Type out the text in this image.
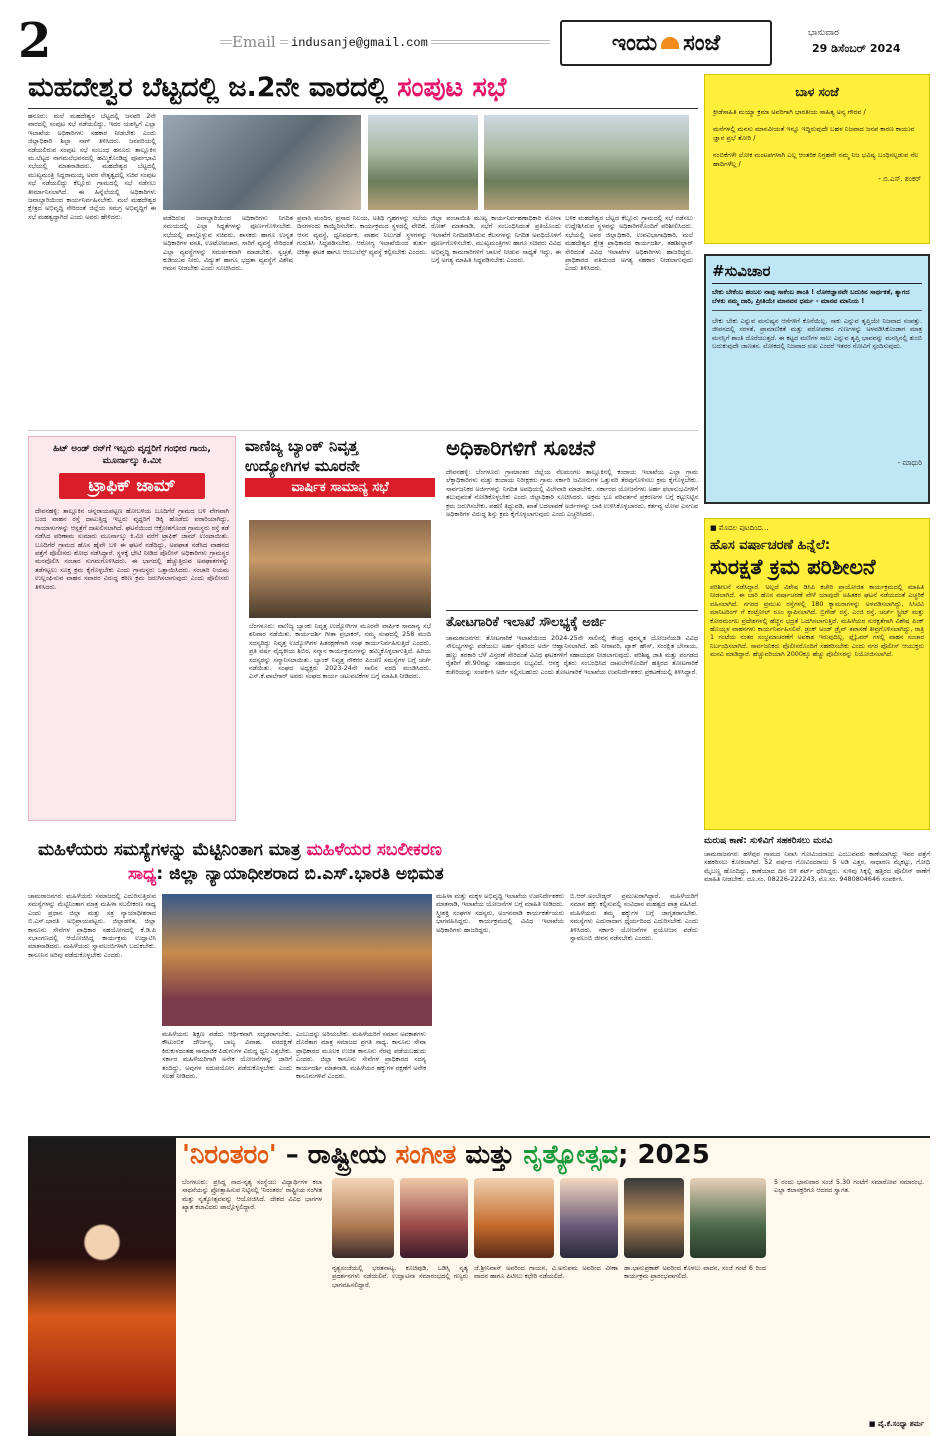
2	Email	indusanje@gmail.com	ಇಂದು ಸಂಜೆ	ಭಾನುವಾರ
29 ಡಿಸೆಂಬರ್ 2024
ಮಹದೇಶ್ವರ ಬೆಟ್ಟದಲ್ಲಿ ಜ.2ನೇ ವಾರದಲ್ಲಿ ಸಂಪುಟ ಸಭೆ
ಹನೂರು: ಮಲೆ ಮಹದೇಶ್ವರ ಬೆಟ್ಟದಲ್ಲಿ ಜನವರಿ 2ನೇ ವಾರದಲ್ಲಿ ಸಂಪುಟ ಸಭೆ ನಡೆಯಲಿದ್ದು, ಇದರ ಯಶಸ್ವಿಗೆ ಎಲ್ಲಾ ಇಲಾಖೆಯ ಅಧಿಕಾರಿಗಳು ಸಹಕಾರ ನೀಡಬೇಕು ಎಂದು ಜಿಲ್ಲಾಧಿಕಾರಿ ಶಿಲ್ಪಾ ನಾಗ್ ತಿಳಿಸಿದರು. ಜನವರಿಯಲ್ಲಿ ನಡೆಯಲಿರುವ ಸಂಪುಟ ಸಭೆ ಸಂಬಂಧ ಹನೂರು ತಾಲ್ಲೂಕಿನ ಮ.ಬೆಟ್ಟದ ನಾಗಮಲೆಭವನದಲ್ಲಿ ಹಮ್ಮಿಕೊಂಡಿದ್ದ ಪೂರ್ವಭಾವಿ ಸಭೆಯಲ್ಲಿ ಮಾತನಾಡಿದರು. ಮಹದೇಶ್ವರ ಬೆಟ್ಟದಲ್ಲಿ ಮುಖ್ಯಮಂತ್ರಿ ಸಿದ್ದರಾಮಯ್ಯ ಅವರ ನೇತೃತ್ವದಲ್ಲಿ ಸಚಿವ ಸಂಪುಟ ಸಭೆ ನಡೆಯಲಿದ್ದು ಕೆಲ್ಲೂರು ಗ್ರಾಮದಲ್ಲಿ ಸಭೆ ನಡೆಸಲು ತೀರ್ಮಾನಿಸಲಾಗಿದೆ. ಈ ಹಿನ್ನೆಲೆಯಲ್ಲಿ ಅಧಿಕಾರಿಗಳು ಜವಾಬ್ದಾರಿಯಿಂದ ಕಾರ್ಯನಿರ್ವಹಿಸಬೇಕು. ಮಲೆ ಮಹದೇಶ್ವರ ಕ್ಷೇತ್ರದ ಅಭಿವೃದ್ಧಿ ಸೇರಿದಂತೆ ಜಿಲ್ಲೆಯ ಸಮಗ್ರ ಅಭಿವೃದ್ಧಿಗೆ ಈ ಸಭೆ ಮಹತ್ವದ್ದಾಗಿದೆ ಎಂದು ಅವರು ಹೇಳಿದರು.	ಪಡೆದಿರುವ ಜವಾಬ್ದಾರಿಯಿಂದ ಅಧಿಕಾರಿಗಳು ನಿಗದಿತ ಸಮಯದಲ್ಲಿ ಎಲ್ಲಾ ಸಿದ್ಧತೆಗಳನ್ನು ಪೂರ್ಣಗೊಳಿಸಬೇಕು. ಸಭೆಯಲ್ಲಿ ಪಾಲ್ಗೊಳ್ಳುವ ಸಚಿವರು, ಶಾಸಕರು ಹಾಗೂ ಉನ್ನತ ಅಧಿಕಾರಿಗಳ ವಸತಿ, ಊಟೋಪಚಾರ, ಸಾರಿಗೆ ವ್ಯವಸ್ಥೆ ಸೇರಿದಂತೆ ಎಲ್ಲಾ ವ್ಯವಸ್ಥೆಗಳನ್ನು ಸಮರ್ಪಕವಾಗಿ ಮಾಡಬೇಕು. ಸ್ವಚ್ಛತೆ, ಕುಡಿಯುವ ನೀರು, ವಿದ್ಯುತ್ ಹಾಗೂ ಭದ್ರತಾ ವ್ಯವಸ್ಥೆಗೆ ವಿಶೇಷ ಗಮನ ನೀಡಬೇಕು ಎಂದು ಸೂಚಿಸಿದರು.
ಪ್ರವಾಸಿ ಮಂದಿರ, ಪ್ರಸಾದ ನಿಲಯ, ಅತಿಥಿ ಗೃಹಗಳನ್ನು ಸಭೆಯ ದಿನಗಳಂದು ಕಾಯ್ದಿರಿಸಬೇಕು. ಕಾರ್ಯಕ್ರಮದ ಸ್ಥಳದಲ್ಲಿ ವೇದಿಕೆ, ಆಸನ ವ್ಯವಸ್ಥೆ, ಧ್ವನಿವರ್ಧಕ, ವಾಹನ ನಿಲುಗಡೆ ಸ್ಥಳಗಳನ್ನು ಗುರುತಿಸಿ ಸಿದ್ಧಪಡಿಸಬೇಕು. ಆರೋಗ್ಯ ಇಲಾಖೆಯಿಂದ ತುರ್ತು ಚಿಕಿತ್ಸಾ ಘಟಕ ಹಾಗೂ ಆಂಬುಲೆನ್ಸ್ ವ್ಯವಸ್ಥೆ ಕಲ್ಪಿಸಬೇಕು ಎಂದರು.
ಜಿಲ್ಲಾ ಪಂಚಾಯಿತಿ ಮುಖ್ಯ ಕಾರ್ಯನಿರ್ವಹಣಾಧಿಕಾರಿ ಮೋನಾ ರೋತ್ ಮಾತನಾಡಿ, ಸಭೆಗೆ ಸಂಬಂಧಿಸಿದಂತೆ ಪ್ರತಿಯೊಂದು ಇಲಾಖೆಗೆ ನಿಗದಿಪಡಿಸಿರುವ ಕೆಲಸಗಳನ್ನು ನಿಗದಿತ ಅವಧಿಯೊಳಗೆ ಪೂರ್ಣಗೊಳಿಸಬೇಕು. ಮುಖ್ಯಮಂತ್ರಿಗಳು ಹಾಗೂ ಸಚಿವರು ವಿವಿಧ ಅಭಿವೃದ್ಧಿ ಕಾಮಗಾರಿಗಳಿಗೆ ಚಾಲನೆ ನೀಡುವ ಸಾಧ್ಯತೆ ಇದ್ದು, ಈ ಬಗ್ಗೆ ಅಗತ್ಯ ಮಾಹಿತಿ ಸಿದ್ಧಪಡಿಸಬೇಕು ಎಂದರು.
ಬಳಿಕ ಮಹದೇಶ್ವರ ಬೆಟ್ಟದ ಕೆಲ್ಲೂರು ಗ್ರಾಮದಲ್ಲಿ ಸಭೆ ನಡೆಸಲು ಉದ್ದೇಶಿಸಿರುವ ಸ್ಥಳವನ್ನು ಅಧಿಕಾರಿಗಳೊಂದಿಗೆ ಪರಿಶೀಲಿಸಿದರು. ಸಭೆಯಲ್ಲಿ ಅಪರ ಜಿಲ್ಲಾಧಿಕಾರಿ, ಉಪವಿಭಾಗಾಧಿಕಾರಿ, ಮಲೆ ಮಹದೇಶ್ವರ ಕ್ಷೇತ್ರ ಪ್ರಾಧಿಕಾರದ ಕಾರ್ಯದರ್ಶಿ, ತಹಶೀಲ್ದಾರ್ ಸೇರಿದಂತೆ ವಿವಿಧ ಇಲಾಖೆಗಳ ಅಧಿಕಾರಿಗಳು ಹಾಜರಿದ್ದರು. ಪ್ರಾಧಿಕಾರದ ವತಿಯಿಂದ ಅಗತ್ಯ ಸಹಕಾರ ನೀಡಲಾಗುವುದು ಎಂದು ತಿಳಿಸಿದರು.
ಬಾಳ ಸಂಜೆ
ಕ್ರೀಡೆಸಾಹಿತಿ ಮಯ್ಯಾ ಕ್ರಮಾ ಅವರಿಗಾಗಿ ಭಾರತೀಯ ಸಾಹಿತ್ಯ ಅನ್ಯ ಗೌರವ /
ಮನೆಗಳಲ್ಲಿ ಮನಸು ಮಾನವೀಯತೆ ಇನ್ನೂ ಇದ್ದಿರುವುದೇ ಬಹಳ ನಿಜವಾದ ಜನಪ ಕಾರಣ ಕಾಯುವ ಜ್ಞಾನ ಪ್ರಭೆ ತೋರಿ /
ನಂಬಿಕೆಗಳೇ ಲೋಕ ಮಂಟಪಗಳಾಗಿ ಎಲ್ಲ ಆಂತರಿಕ ನಿಗ್ರಹವೇ ನಮ್ಮ ನಿಜ ಭವಿಷ್ಯ ಬಂಧಿಸಲ್ಪಡುವ ನೆಲ ಹಾದಿಗಳೆಲ್ಲ /
- ಬಿ.ಎಸ್. ಶಂಕರ್
#ಸುವಿಚಾರ
ಬೇಕು ಬೇಕೆಂಬ ಹಂಬಲ ನಾವು ಸಾಕೆಂಬ ಶಾಂತಿ ! ಲೋಕಜ್ಞಾನವೇ ಬದುಕಿನ ಸಾರ್ಥಕತೆ, ತ್ಯಾಗದ ಬೆಳಕು ನಮ್ಮ ದಾರಿ, ಪ್ರೀತಿಯೇ ಮಾನವನ ಧರ್ಮ - ಮಾನವ ಮಾನಿಯ !
ಬೇಕು ಬೇಕು ಎನ್ನುವ ಮನುಷ್ಯನ ಆಸೆಗಳಿಗೆ ಕೊನೆಯಿಲ್ಲ. ಸಾಕು ಎನ್ನುವ ತೃಪ್ತಿಯೇ ನಿಜವಾದ ಸಂಪತ್ತು. ಜೀವನದಲ್ಲಿ ಸರಳತೆ, ಪ್ರಾಮಾಣಿಕತೆ ಮತ್ತು ಪರೋಪಕಾರ ಗುಣಗಳನ್ನು ಅಳವಡಿಸಿಕೊಂಡಾಗ ಮಾತ್ರ ಮನಸ್ಸಿಗೆ ಶಾಂತಿ ದೊರೆಯುತ್ತದೆ. ಈ ಕಟ್ಟದ ಮಣಿಗಳ ಸಾಲು ಎನ್ನುವ ತೃಪ್ತಿ ಭಾವವನ್ನು ಮನಸ್ಸಿನಲ್ಲಿ ತುಂಬಿ ಬದುಕುವುದೇ ಜಾಣತನ. ಲೋಕದಲ್ಲಿ ನಿಜವಾದ ಸುಖ ಎಂದರೆ ಇತರರ ನೋವಿಗೆ ಸ್ಪಂದಿಸುವುದು.
- ಮಾಧುರಿ
ಹಿಟ್ ಅಂಡ್ ರನ್‌ಗೆ ಇಬ್ಬರು ವೃದ್ದರಿಗೆ ಗಂಭೀರ ಗಾಯ, ಮೂರ್ನಾಲ್ಕು ಕಿ.ಮೀ
ಟ್ರಾಫಿಕ್ ಜಾಮ್
ದೇವನಹಳ್ಳಿ: ತಾಲ್ಲೂಕಿನ ಚನ್ನರಾಯಪಟ್ಟಣ ಹೋಬಳಿಯ ಬೂದಿಗೆರೆ ಗ್ರಾಮದ ಬಳಿ ವೇಗವಾಗಿ ಬಂದ ವಾಹನ ರಸ್ತೆ ದಾಟುತ್ತಿದ್ದ ಇಬ್ಬರು ವೃದ್ದರಿಗೆ ಡಿಕ್ಕಿ ಹೊಡೆದು ಪರಾರಿಯಾಗಿದ್ದು, ಗಾಯಾಳುಗಳನ್ನು ಆಸ್ಪತ್ರೆಗೆ ದಾಖಲಿಸಲಾಗಿದೆ. ಘಟನೆಯಿಂದ ಆಕ್ರೋಶಗೊಂಡ ಗ್ರಾಮಸ್ಥರು ರಸ್ತೆ ತಡೆ ನಡೆಸಿದ ಪರಿಣಾಮ ಸುಮಾರು ಮೂರ್ನಾಲ್ಕು ಕಿ.ಮೀ ವರೆಗೆ ಟ್ರಾಫಿಕ್ ಜಾಮ್ ಉಂಟಾಯಿತು. ಬೂದಿಗೆರೆ ಗ್ರಾಮದ ಹೊಸ ಹೈವೇ ಬಳಿ ಈ ಘಟನೆ ನಡೆದಿದ್ದು, ಅಪಘಾತ ನಡೆಸಿದ ವಾಹನದ ಪತ್ತೆಗೆ ಪೊಲೀಸರು ಶೋಧ ನಡೆಸಿದ್ದಾರೆ. ಸ್ಥಳಕ್ಕೆ ಭೇಟಿ ನೀಡಿದ ಪೊಲೀಸ್ ಅಧಿಕಾರಿಗಳು ಗ್ರಾಮಸ್ಥರ ಮನವೊಲಿಸಿ ಸಂಚಾರ ಸುಗಮಗೊಳಿಸಿದರು. ಈ ಭಾಗದಲ್ಲಿ ಹೆಚ್ಚುತ್ತಿರುವ ಅಪಘಾತಗಳನ್ನು ತಡೆಗಟ್ಟಲು ಸೂಕ್ತ ಕ್ರಮ ಕೈಗೊಳ್ಳಬೇಕು ಎಂದು ಗ್ರಾಮಸ್ಥರು ಒತ್ತಾಯಿಸಿದರು. ಸಂಚಾರಿ ನಿಯಮ ಉಲ್ಲಂಘಿಸುವ ವಾಹನ ಸವಾರರ ವಿರುದ್ಧ ಕಠಿಣ ಕ್ರಮ ಜರುಗಿಸಲಾಗುವುದು ಎಂದು ಪೊಲೀಸರು ತಿಳಿಸಿದರು.
ವಾಣಿಜ್ಯ ಬ್ಯಾಂಕ್ ನಿವೃತ್ತ
ಉದ್ಯೋಗಿಗಳ ಮೂರನೇ
ವಾರ್ಷಿಕ ಸಾಮಾನ್ಯ ಸಭೆ
ಬೆಂಗಳೂರು: ವಾಣಿಜ್ಯ ಬ್ಯಾಂಕು ನಿವೃತ್ತ ಉದ್ಯೋಗಿಗಳ ಮೂರನೇ ವಾರ್ಷಿಕ ಸಾಮಾನ್ಯ ಸಭೆ ಶನಿವಾರ ನಡೆಯಿತು. ಕಾರ್ಯದರ್ಶಿ ಗೀತಾ ಪ್ರಭಾಕರ್, ನಮ್ಮ ಸಂಘದಲ್ಲಿ 258 ಮಂದಿ ಸದಸ್ಯರಿದ್ದು ನಿವೃತ್ತ ಉದ್ಯೋಗಿಗಳ ಹಿತರಕ್ಷಣೆಗಾಗಿ ಸಂಘ ಕಾರ್ಯನಿರ್ವಹಿಸುತ್ತಿದೆ ಎಂದರು. ಪ್ರತಿ ವರ್ಷ ವೈದ್ಯಕೀಯ ಶಿಬಿರ, ಸನ್ಮಾನ ಕಾರ್ಯಕ್ರಮಗಳನ್ನು ಹಮ್ಮಿಕೊಳ್ಳಲಾಗುತ್ತಿದೆ. ಹಿರಿಯ ಸದಸ್ಯರನ್ನು ಸನ್ಮಾನಿಸಲಾಯಿತು. ಬ್ಯಾಂಕ್ ನಿವೃತ್ತ ನೌಕರರ ಪಿಂಚಣಿ ಸಮಸ್ಯೆಗಳ ಬಗ್ಗೆ ಚರ್ಚೆ ನಡೆಯಿತು. ಸಂಘದ ಅಧ್ಯಕ್ಷರು 2023-24ನೇ ಸಾಲಿನ ವರದಿ ಮಂಡಿಸಿದರು. ಎಸ್.ಕೆ.ವಾಲೆಗಾರ್ ಅವರು ಸಂಘದ ಕಾರ್ಯ ಚಟುವಟಿಕೆಗಳ ಬಗ್ಗೆ ಮಾಹಿತಿ ನೀಡಿದರು.
ಅಧಿಕಾರಿಗಳಿಗೆ ಸೂಚನೆ
ದೇವನಹಳ್ಳಿ: ಬೆಂಗಳೂರು ಗ್ರಾಮಾಂತರ ಜಿಲ್ಲೆಯ ನೆಲಮಂಗಲ ತಾಲ್ಲೂಕಿನಲ್ಲಿ ಕಂದಾಯ ಇಲಾಖೆಯ ಎಲ್ಲಾ ಗ್ರಾಮ ಲೆಕ್ಕಾಧಿಕಾರಿಗಳು ಮತ್ತು ಕಂದಾಯ ನಿರೀಕ್ಷಕರು ಗ್ರಾಮ ಸರ್ಕಾರಿ ಜಮೀನುಗಳ ಒತ್ತುವರಿ ತೆರವುಗೊಳಿಸಲು ಕ್ರಮ ಕೈಗೊಳ್ಳಬೇಕು. ಸಾರ್ವಜನಿಕರ ಅರ್ಜಿಗಳನ್ನು ನಿಗದಿತ ಅವಧಿಯಲ್ಲಿ ವಿಲೇವಾರಿ ಮಾಡಬೇಕು. ಸರ್ಕಾರದ ಯೋಜನೆಗಳು ಅರ್ಹ ಫಲಾನುಭವಿಗಳಿಗೆ ತಲುಪುವಂತೆ ನೋಡಿಕೊಳ್ಳಬೇಕು ಎಂದು ಜಿಲ್ಲಾಧಿಕಾರಿ ಸೂಚಿಸಿದರು. ಅಕ್ರಮ ಭೂ ಪರಿವರ್ತನೆ ಪ್ರಕರಣಗಳ ಬಗ್ಗೆ ಕಟ್ಟುನಿಟ್ಟಿನ ಕ್ರಮ ಜರುಗಿಸಬೇಕು. ಪಹಣಿ ತಿದ್ದುಪಡಿ, ಖಾತೆ ಬದಲಾವಣೆ ಅರ್ಜಿಗಳನ್ನು ಬಾಕಿ ಉಳಿಸಿಕೊಳ್ಳಬಾರದು. ಕರ್ತವ್ಯ ಲೋಪ ಎಸಗುವ ಅಧಿಕಾರಿಗಳ ವಿರುದ್ಧ ಶಿಸ್ತು ಕ್ರಮ ಕೈಗೊಳ್ಳಲಾಗುವುದು ಎಂದು ಎಚ್ಚರಿಸಿದರು.
ತೋಟಗಾರಿಕೆ ಇಲಾಖೆ ಸೌಲಭ್ಯಕ್ಕೆ ಅರ್ಜಿ
ಚಾಮರಾಜನಗರ: ತೋಟಗಾರಿಕೆ ಇಲಾಖೆಯಿಂದ 2024-25ನೇ ಸಾಲಿನಲ್ಲಿ ಕೇಂದ್ರ ಪುರಸ್ಕೃತ ಯೋಜನೆಯಡಿ ವಿವಿಧ ಸೌಲಭ್ಯಗಳನ್ನು ಪಡೆಯಲು ಅರ್ಹ ರೈತರಿಂದ ಅರ್ಜಿ ಆಹ್ವಾನಿಸಲಾಗಿದೆ. ಹನಿ ನೀರಾವರಿ, ಪ್ಯಾಕ್ ಹೌಸ್, ಸಂರಕ್ಷಿತ ಬೇಸಾಯ, ಹಣ್ಣು ತರಕಾರಿ ಬೆಳೆ ವಿಸ್ತರಣೆ ಸೇರಿದಂತೆ ವಿವಿಧ ಘಟಕಗಳಿಗೆ ಸಹಾಯಧನ ನೀಡಲಾಗುವುದು. ಪರಿಶಿಷ್ಟ ಜಾತಿ ಮತ್ತು ಪಂಗಡದ ರೈತರಿಗೆ ಶೇ.90ರಷ್ಟು ಸಹಾಯಧನ ಲಭ್ಯವಿದೆ. ಆಸಕ್ತ ರೈತರು ಸಂಬಂಧಿಸಿದ ದಾಖಲೆಗಳೊಂದಿಗೆ ಹತ್ತಿರದ ತೋಟಗಾರಿಕೆ ಕಚೇರಿಯನ್ನು ಸಂಪರ್ಕಿಸಿ ಅರ್ಜಿ ಸಲ್ಲಿಸಬಹುದು ಎಂದು ತೋಟಗಾರಿಕೆ ಇಲಾಖೆಯ ಉಪನಿರ್ದೇಶಕರು ಪ್ರಕಟಣೆಯಲ್ಲಿ ತಿಳಿಸಿದ್ದಾರೆ.
■ ಮೊದಲ ಪುಟದಿಂದ...
ಹೊಸ ವರ್ಷಾಚರಣೆ ಹಿನ್ನೆಲೆ:
ಸುರಕ್ಷತೆ ಕ್ರಮ ಪರಿಶೀಲನೆ
ಪರಿಶೀಲನೆ ನಡೆಸಿದ್ದಾರೆ. ಅಲ್ಲದೆ ವಿಶೇಷ ಡಿಸಿಪಿ ಕಚೇರಿ ಪ್ರಾಯೋಜಿತ ಕಾರ್ಯಕ್ರಮದಲ್ಲಿ ಮಾಹಿತಿ ನೀಡಲಾಗಿದೆ. ಈ ಬಾರಿ ಹೊಸ ವರ್ಷಾಚರಣೆ ವೇಳೆ ಯಾವುದೇ ಅಹಿತಕರ ಘಟನೆ ನಡೆಯದಂತೆ ಎಚ್ಚರಿಕೆ ವಹಿಸಲಾಗಿದೆ. ನಗರದ ಪ್ರಮುಖ ರಸ್ತೆಗಳಲ್ಲಿ 180 ಕ್ಯಾಮರಾಗಳನ್ನು ಅಳವಡಿಸಲಾಗಿದ್ದು, ಸಿಸಿಟಿವಿ ಮಾನಿಟರಿಂಗ್ ಗೆ ಕಂಟ್ರೋಲ್ ರೂಂ ಸ್ಥಾಪಿಸಲಾಗಿದೆ. ಬ್ರಿಗೇಡ್ ರಸ್ತೆ, ಎಂಜಿ ರಸ್ತೆ, ಚರ್ಚ್ ಸ್ಟ್ರೀಟ್ ಮತ್ತು ಕೋರಮಂಗಲ ಪ್ರದೇಶಗಳಲ್ಲಿ ಹೆಚ್ಚಿನ ಭದ್ರತೆ ಒದಗಿಸಲಾಗುತ್ತಿದೆ. ಮಹಿಳೆಯರ ಸುರಕ್ಷತೆಗಾಗಿ ವಿಶೇಷ ಪಿಂಕ್ ಹೊಯ್ಸಳ ವಾಹನಗಳು ಕಾರ್ಯನಿರ್ವಹಿಸಲಿವೆ. ಡ್ರಂಕ್ ಅಂಡ್ ಡ್ರೈವ್ ತಪಾಸಣೆ ತೀವ್ರಗೊಳಿಸಲಾಗಿದ್ದು, ರಾತ್ರಿ 1 ಗಂಟೆಯ ನಂತರ ಸಂಭ್ರಮಾಚರಣೆಗೆ ಅವಕಾಶ ಇರುವುದಿಲ್ಲ. ಫ್ಲೈಓವರ್ ಗಳಲ್ಲಿ ವಾಹನ ಸಂಚಾರ ನಿರ್ಬಂಧಿಸಲಾಗಿದೆ. ಸಾರ್ವಜನಿಕರು ಪೊಲೀಸರೊಂದಿಗೆ ಸಹಕರಿಸಬೇಕು ಎಂದು ನಗರ ಪೊಲೀಸ್ ಆಯುಕ್ತರು ಮನವಿ ಮಾಡಿದ್ದಾರೆ. ಹೆಚ್ಚುವರಿಯಾಗಿ 2000ಕ್ಕೂ ಹೆಚ್ಚು ಪೊಲೀಸರನ್ನು ನಿಯೋಜಿಸಲಾಗಿದೆ.
ಮರುಷ ಕಾಣೆ: ಸುಳಿವಿಗೆ ಸಹಕರಿಸಲು ಮನವಿ
ಚಾಮರಾಜನಗರ: ಹಳೆಪುರ ಗ್ರಾಮದ ನಿವಾಸಿ ಗೋವಿಂದರಾಜು ಎಂಬುವವರು ಕಾಣೆಯಾಗಿದ್ದು ಇವರ ಪತ್ತೆಗೆ ಸಹಕರಿಸಲು ಕೋರಲಾಗಿದೆ. 52 ವರ್ಷದ ಗೋವಿಂದರಾಜು 5 ಅಡಿ ಎತ್ತರ, ಸಾಧಾರಣ ಮೈಕಟ್ಟು, ಗೋಧಿ ಮೈಬಣ್ಣ ಹೊಂದಿದ್ದು, ಕಾಣೆಯಾದ ದಿನ ಬಿಳಿ ಶರ್ಟ್ ಧರಿಸಿದ್ದರು. ಸುಳಿವು ಸಿಕ್ಕಲ್ಲಿ ಹತ್ತಿರದ ಪೊಲೀಸ್ ಠಾಣೆಗೆ ಮಾಹಿತಿ ನೀಡಬೇಕು. ದೂ.ಸಂ. 08226-222243, ಮೊ.ಸಂ. 9480804646 ಸಂಪರ್ಕಿಸಿ.
ಮಹಿಳೆಯರು ಸಮಸ್ಯೆಗಳನ್ನು ಮೆಟ್ಟಿನಿಂತಾಗ ಮಾತ್ರ ಮಹಿಳೆಯರ ಸಬಲೀಕರಣ
ಸಾಧ್ಯ: ಜಿಲ್ಲಾ ನ್ಯಾಯಾಧೀಶರಾದ ಬಿ.ಎಸ್.ಭಾರತಿ ಅಭಿಮತ
ಚಾಮರಾಜನಗರ: ಮಹಿಳೆಯರು ಸಮಾಜದಲ್ಲಿ ಎದುರಿಸುತ್ತಿರುವ ಸಮಸ್ಯೆಗಳನ್ನು ಮೆಟ್ಟಿನಿಂತಾಗ ಮಾತ್ರ ಮಹಿಳಾ ಸಬಲೀಕರಣ ಸಾಧ್ಯ ಎಂದು ಪ್ರಧಾನ ಜಿಲ್ಲಾ ಮತ್ತು ಸತ್ರ ನ್ಯಾಯಾಧೀಶರಾದ ಬಿ.ಎಸ್.ಭಾರತಿ ಅಭಿಪ್ರಾಯಪಟ್ಟರು. ಜಿಲ್ಲಾಡಳಿತ, ಜಿಲ್ಲಾ ಕಾನೂನು ಸೇವೆಗಳ ಪ್ರಾಧಿಕಾರ ಸಹಯೋಗದಲ್ಲಿ ಕೆ.ಡಿ.ಪಿ ಸಭಾಂಗಣದಲ್ಲಿ ಆಯೋಜಿಸಿದ್ದ ಕಾರ್ಯಕ್ರಮ ಉದ್ಘಾಟಿಸಿ ಮಾತನಾಡಿದರು. ಮಹಿಳೆಯರು ಸ್ವಾವಲಂಬಿಗಳಾಗಿ ಬದುಕಬೇಕು. ಕಾನೂನಿನ ಅರಿವು ಪಡೆದುಕೊಳ್ಳಬೇಕು ಎಂದರು.
ಮಹಿಳೆಯರು ಶಿಕ್ಷಣ ಪಡೆದು ಆರ್ಥಿಕವಾಗಿ ಸದೃಢರಾಗಬೇಕು. ಕೌಟುಂಬಿಕ ದೌರ್ಜನ್ಯ, ಬಾಲ್ಯ ವಿವಾಹ, ವರದಕ್ಷಿಣೆ ಕಿರುಕುಳದಂತಹ ಸಾಮಾಜಿಕ ಪಿಡುಗುಗಳ ವಿರುದ್ಧ ಧ್ವನಿ ಎತ್ತಬೇಕು. ಸರ್ಕಾರ ಮಹಿಳೆಯರಿಗಾಗಿ ಅನೇಕ ಯೋಜನೆಗಳನ್ನು ಜಾರಿಗೆ ತಂದಿದ್ದು, ಅವುಗಳ ಸದುಪಯೋಗ ಪಡೆದುಕೊಳ್ಳಬೇಕು ಎಂದು ಸಲಹೆ ನೀಡಿದರು.
ಎಂಬುದನ್ನು ಅರಿಯಬೇಕು. ಮಹಿಳೆಯರಿಗೆ ಸಮಾನ ಅವಕಾಶಗಳು ದೊರೆತಾಗ ಮಾತ್ರ ಸಮಾಜದ ಪ್ರಗತಿ ಸಾಧ್ಯ. ಕಾನೂನು ಸೇವಾ ಪ್ರಾಧಿಕಾರದ ಮೂಲಕ ಉಚಿತ ಕಾನೂನು ನೆರವು ಪಡೆಯಬಹುದು ಎಂದರು. ಜಿಲ್ಲಾ ಕಾನೂನು ಸೇವೆಗಳ ಪ್ರಾಧಿಕಾರದ ಸದಸ್ಯ ಕಾರ್ಯದರ್ಶಿ ಮಾತನಾಡಿ, ಮಹಿಳೆಯರ ಹಕ್ಕುಗಳ ರಕ್ಷಣೆಗೆ ಅನೇಕ ಕಾನೂನುಗಳಿವೆ ಎಂದರು.
ಮಹಿಳಾ ಮತ್ತು ಮಕ್ಕಳ ಅಭಿವೃದ್ಧಿ ಇಲಾಖೆಯ ಉಪನಿರ್ದೇಶಕರು ಮಾತನಾಡಿ, ಇಲಾಖೆಯ ಯೋಜನೆಗಳ ಬಗ್ಗೆ ಮಾಹಿತಿ ನೀಡಿದರು. ಸ್ತ್ರೀಶಕ್ತಿ ಸಂಘಗಳ ಸದಸ್ಯರು, ಅಂಗನವಾಡಿ ಕಾರ್ಯಕರ್ತೆಯರು ಭಾಗವಹಿಸಿದ್ದರು. ಕಾರ್ಯಕ್ರಮದಲ್ಲಿ ವಿವಿಧ ಇಲಾಖೆಯ ಅಧಿಕಾರಿಗಳು ಹಾಜರಿದ್ದರು.
ಬಿ.ಆರ್.ಅಂಬೇಡ್ಕರ್ ಪ್ರಮುಖರಾಗಿದ್ದಾರೆ. ಮಹಿಳೆಯರಿಗೆ ಸಮಾನ ಹಕ್ಕು ಕಲ್ಪಿಸುವಲ್ಲಿ ಸಂವಿಧಾನ ಮಹತ್ವದ ಪಾತ್ರ ವಹಿಸಿದೆ. ಮಹಿಳೆಯರು ತಮ್ಮ ಹಕ್ಕುಗಳ ಬಗ್ಗೆ ಜಾಗೃತರಾಗಬೇಕು. ಸಮಸ್ಯೆಗಳು ಎದುರಾದಾಗ ಧೈರ್ಯದಿಂದ ಎದುರಿಸಬೇಕು ಎಂದು ತಿಳಿಸಿದರು. ಸರ್ಕಾರಿ ಯೋಜನೆಗಳ ಪ್ರಯೋಜನ ಪಡೆದು ಸ್ವಾವಲಂಬಿ ಜೀವನ ನಡೆಸಬೇಕು ಎಂದರು.
'ನಿರಂತರಂ' – ರಾಷ್ಟ್ರೀಯ ಸಂಗೀತ ಮತ್ತು ನೃತ್ಯೋತ್ಸವ; 2025
ಬೆಂಗಳೂರು: ಪ್ರಸಿದ್ಧ ನಾದ-ನೃತ್ಯ ಸಂಸ್ಥೆಯು ವಿದ್ಯಾರ್ಥಿಗಳ ಕಲಾ ಸಾಧನೆಯನ್ನು ಪ್ರೋತ್ಸಾಹಿಸುವ ನಿಟ್ಟಿನಲ್ಲಿ 'ನಿರಂತರಂ' ರಾಷ್ಟ್ರೀಯ ಸಂಗೀತ ಮತ್ತು ನೃತ್ಯೋತ್ಸವವನ್ನು ಆಯೋಜಿಸಿದೆ. ದೇಶದ ವಿವಿಧ ಭಾಗಗಳ ಖ್ಯಾತ ಕಲಾವಿದರು ಪಾಲ್ಗೊಳ್ಳಲಿದ್ದಾರೆ.
ನೃತ್ಯಸಂಜೆಯಲ್ಲಿ ಭರತನಾಟ್ಯ, ಕೂಚಿಪುಡಿ, ಒಡಿಸ್ಸಿ ನೃತ್ಯ ಪ್ರದರ್ಶನಗಳು ನಡೆಯಲಿವೆ. ಉದ್ಘಾಟನಾ ಸಮಾರಂಭದಲ್ಲಿ ಗಣ್ಯರು ಭಾಗವಹಿಸಲಿದ್ದಾರೆ.
ಜೆ.ಶ್ರೀನಿವಾಸ್ ಅವರಿಂದ ಗಾಯನ, ವಿ.ಅನುಪಮ ಅವರಿಂದ ವೀಣಾ ವಾದನ ಹಾಗೂ ಪಿಟೀಲು ಕಛೇರಿ ನಡೆಯಲಿದೆ.
ಡಾ.ಭಾನುಪ್ರಕಾಶ್ ಅವರಿಂದ ಕೊಳಲು ವಾದನ, ಸಂಜೆ ಗಂಟೆ 6 ರಿಂದ ಕಾರ್ಯಕ್ರಮ ಪ್ರಾರಂಭವಾಗಲಿದೆ.
5 ರಂದು ಭಾನುವಾರ ಸಂಜೆ 5.30 ಗಂಟೆಗೆ ಸಮಾರೋಪ ಸಮಾರಂಭ. ಎಲ್ಲಾ ಕಲಾಸಕ್ತರಿಗೂ ಆದರದ ಸ್ವಾಗತ.
■ ವೈ.ಕೆ.ಸಂಧ್ಯಾ ಶರ್ಮ
